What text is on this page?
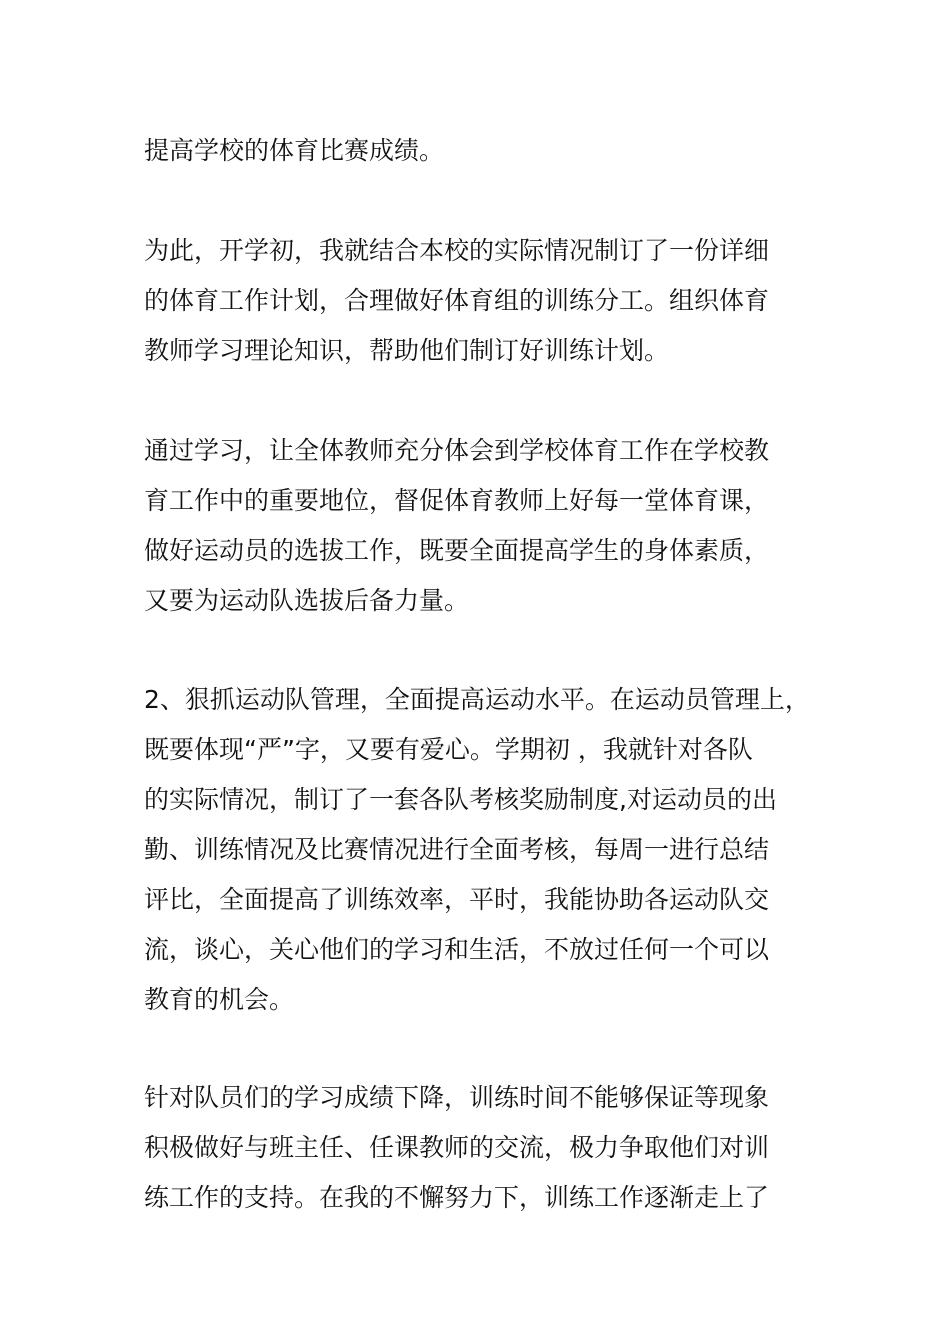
提高学校的体育比赛成绩。
为此，开学初，我就结合本校的实际情况制订了一份详细
的体育工作计划，合理做好体育组的训练分工。组织体育
教师学习理论知识，帮助他们制订好训练计划。
通过学习，让全体教师充分体会到学校体育工作在学校教
育工作中的重要地位，督促体育教师上好每一堂体育课，
做好运动员的选拔工作，既要全面提高学生的身体素质，
又要为运动队选拔后备力量。
2、狠抓运动队管理，全面提高运动水平。在运动员管理上，
既要体现“严”字，又要有爱心。学期初 ，我就针对各队
的实际情况，制订了一套各队考核奖励制度,对运动员的出
勤、训练情况及比赛情况进行全面考核，每周一进行总结
评比，全面提高了训练效率，平时，我能协助各运动队交
流，谈心，关心他们的学习和生活，不放过任何一个可以
教育的机会。
针对队员们的学习成绩下降，训练时间不能够保证等现象
积极做好与班主任、任课教师的交流，极力争取他们对训
练工作的支持。在我的不懈努力下，训练工作逐渐走上了
